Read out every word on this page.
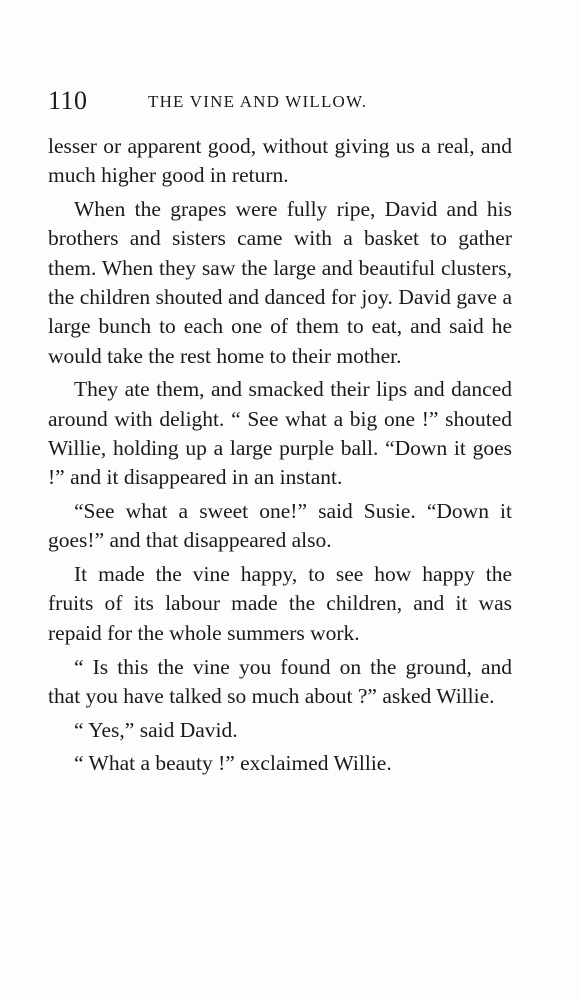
110	THE VINE AND WILLOW.

lesser or apparent good, without giving us a real, and much higher good in return.

When the grapes were fully ripe, David and his brothers and sisters came with a basket to gather them. When they saw the large and beautiful clusters, the children shouted and danced for joy. David gave a large bunch to each one of them to eat, and said he would take the rest home to their mother.

They ate them, and smacked their lips and danced around with delight. “ See what a big one !” shouted Willie, holding up a large purple ball. “Down it goes !” and it disappeared in an instant.

“See what a sweet one!” said Susie. “Down it goes!” and that disappeared also.

It made the vine happy, to see how happy the fruits of its labour made the children, and it was repaid for the whole summers work.

“ Is this the vine you found on the ground, and that you have talked so much about ?” asked Willie.

“ Yes,” said David.

“ What a beauty !” exclaimed Willie.
